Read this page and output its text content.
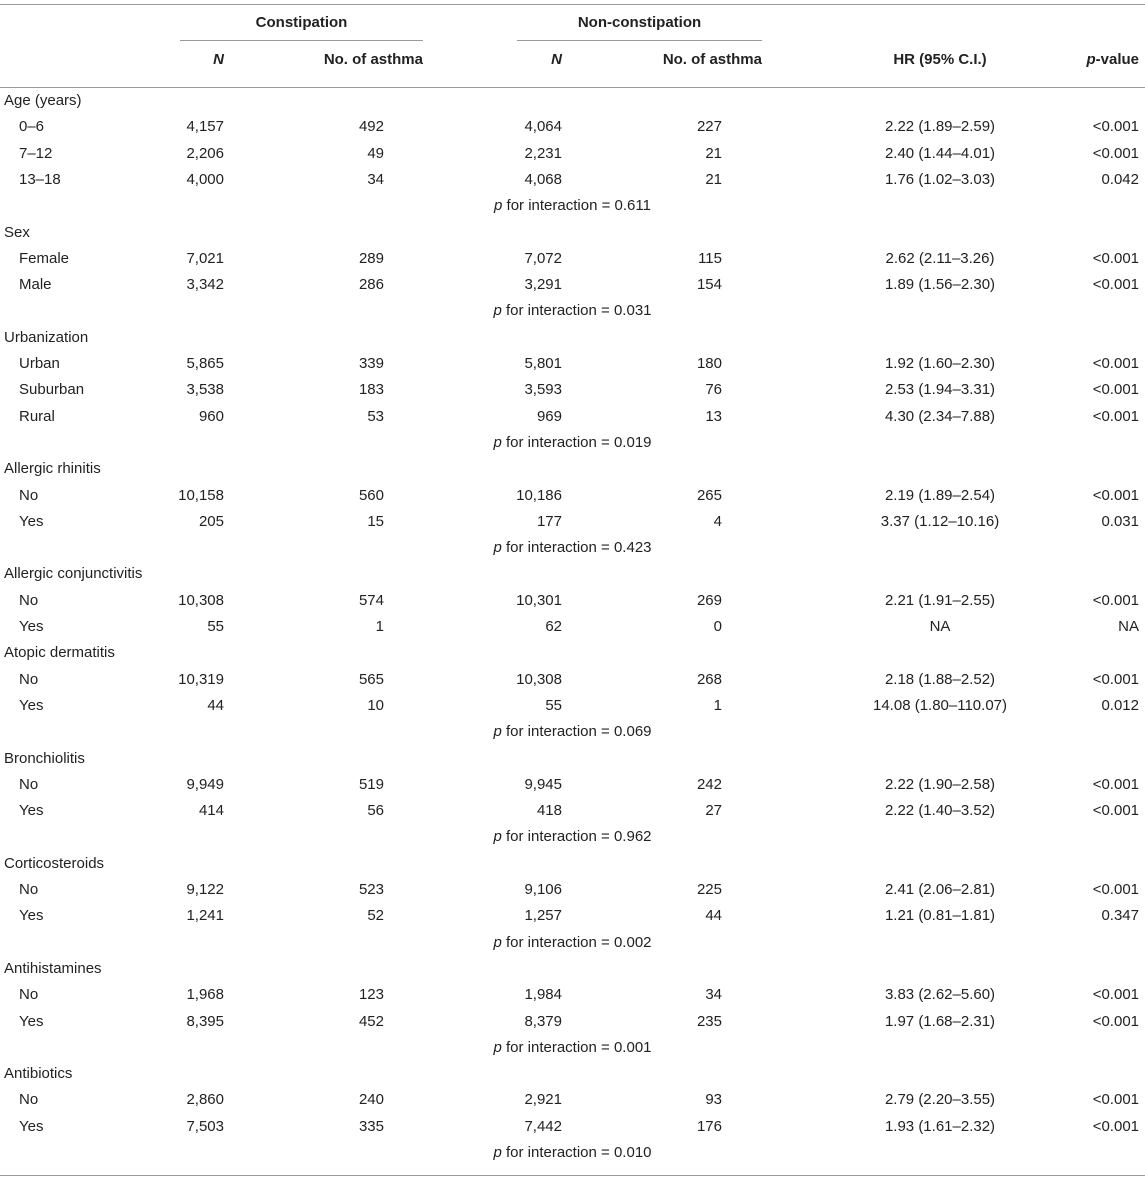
Constipation	Non-constipation
N	No. of asthma	N	No. of asthma	HR (95% C.I.)	p-value
Age (years)
0–6	4,157	492	4,064	227	2.22 (1.89–2.59)	<0.001
7–12	2,206	49	2,231	21	2.40 (1.44–4.01)	<0.001
13–18	4,000	34	4,068	21	1.76 (1.02–3.03)	0.042
p for interaction = 0.611
Sex
Female	7,021	289	7,072	115	2.62 (2.11–3.26)	<0.001
Male	3,342	286	3,291	154	1.89 (1.56–2.30)	<0.001
p for interaction = 0.031
Urbanization
Urban	5,865	339	5,801	180	1.92 (1.60–2.30)	<0.001
Suburban	3,538	183	3,593	76	2.53 (1.94–3.31)	<0.001
Rural	960	53	969	13	4.30 (2.34–7.88)	<0.001
p for interaction = 0.019
Allergic rhinitis
No	10,158	560	10,186	265	2.19 (1.89–2.54)	<0.001
Yes	205	15	177	4	3.37 (1.12–10.16)	0.031
p for interaction = 0.423
Allergic conjunctivitis
No	10,308	574	10,301	269	2.21 (1.91–2.55)	<0.001
Yes	55	1	62	0	NA	NA
Atopic dermatitis
No	10,319	565	10,308	268	2.18 (1.88–2.52)	<0.001
Yes	44	10	55	1	14.08 (1.80–110.07)	0.012
p for interaction = 0.069
Bronchiolitis
No	9,949	519	9,945	242	2.22 (1.90–2.58)	<0.001
Yes	414	56	418	27	2.22 (1.40–3.52)	<0.001
p for interaction = 0.962
Corticosteroids
No	9,122	523	9,106	225	2.41 (2.06–2.81)	<0.001
Yes	1,241	52	1,257	44	1.21 (0.81–1.81)	0.347
p for interaction = 0.002
Antihistamines
No	1,968	123	1,984	34	3.83 (2.62–5.60)	<0.001
Yes	8,395	452	8,379	235	1.97 (1.68–2.31)	<0.001
p for interaction = 0.001
Antibiotics
No	2,860	240	2,921	93	2.79 (2.20–3.55)	<0.001
Yes	7,503	335	7,442	176	1.93 (1.61–2.32)	<0.001
p for interaction = 0.010
